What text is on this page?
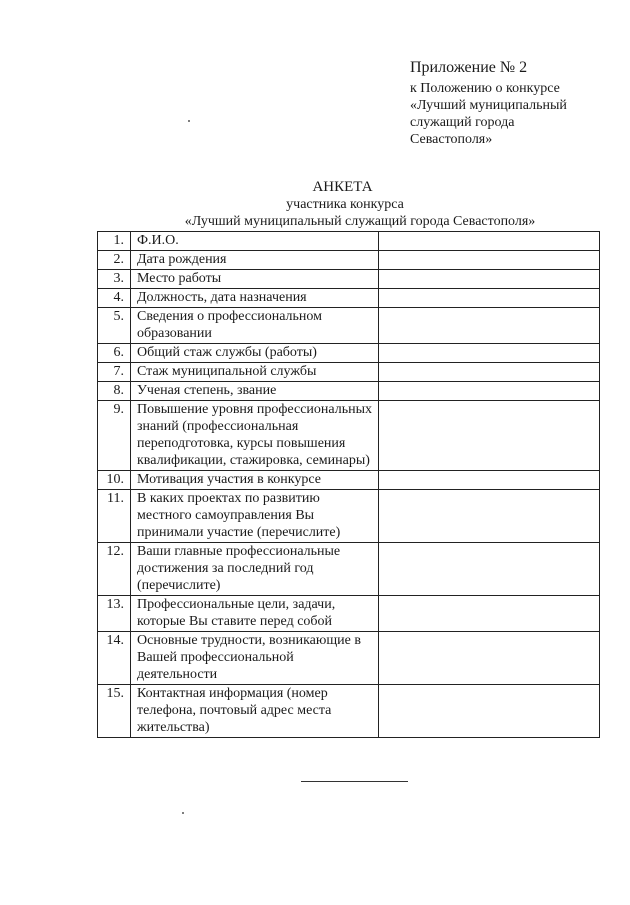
Приложение № 2
к Положению о конкурсе
«Лучший муниципальный
служащий города
Севастополя»
АНКЕТА
участника конкурса
«Лучший муниципальный служащий города Севастополя»
1.	Ф.И.О.	
2.	Дата рождения	
3.	Место работы	
4.	Должность, дата назначения	
5.	Сведения о профессиональном образовании	
6.	Общий стаж службы (работы)	
7.	Стаж муниципальной службы	
8.	Ученая степень, звание	
9.	Повышение уровня профессиональных знаний (профессиональная переподготовка, курсы повышения квалификации, стажировка, семинары)	
10.	Мотивация участия в конкурсе	
11.	В каких проектах по развитию местного самоуправления Вы принимали участие (перечислите)	
12.	Ваши главные профессиональные достижения за последний год (перечислите)	
13.	Профессиональные цели, задачи, которые Вы ставите перед собой	
14.	Основные трудности, возникающие в Вашей профессиональной деятельности	
15.	Контактная информация (номер телефона, почтовый адрес места жительства)	
